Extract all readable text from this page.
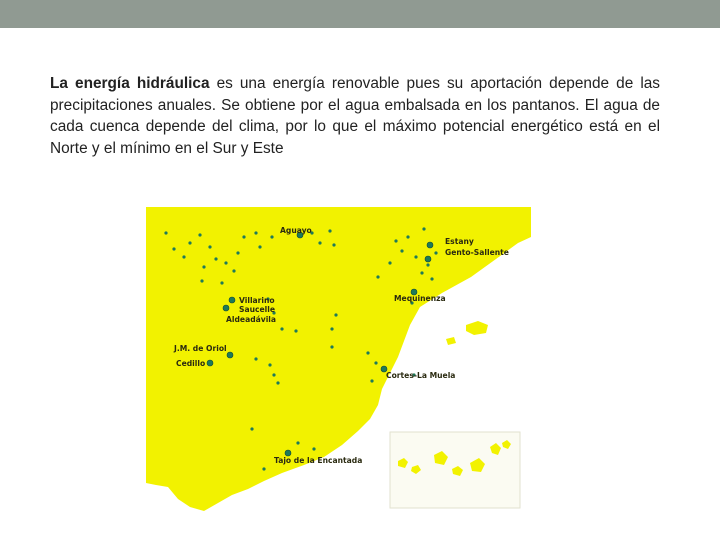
La energía hidráulica es una energía renovable pues su aportación depende de las precipitaciones anuales. Se obtiene por el agua embalsada en los pantanos. El agua de cada cuenca depende del clima, por lo que el máximo potencial energético está en el Norte y el mínimo en el Sur y Este

Aguayo
Estany
Gento-Sallente
Villarino
Saucelle
Aldeadávila
Mequinenza
J.M. de Oriol
Cedillo
Cortes-La Muela
Tajo de la Encantada
